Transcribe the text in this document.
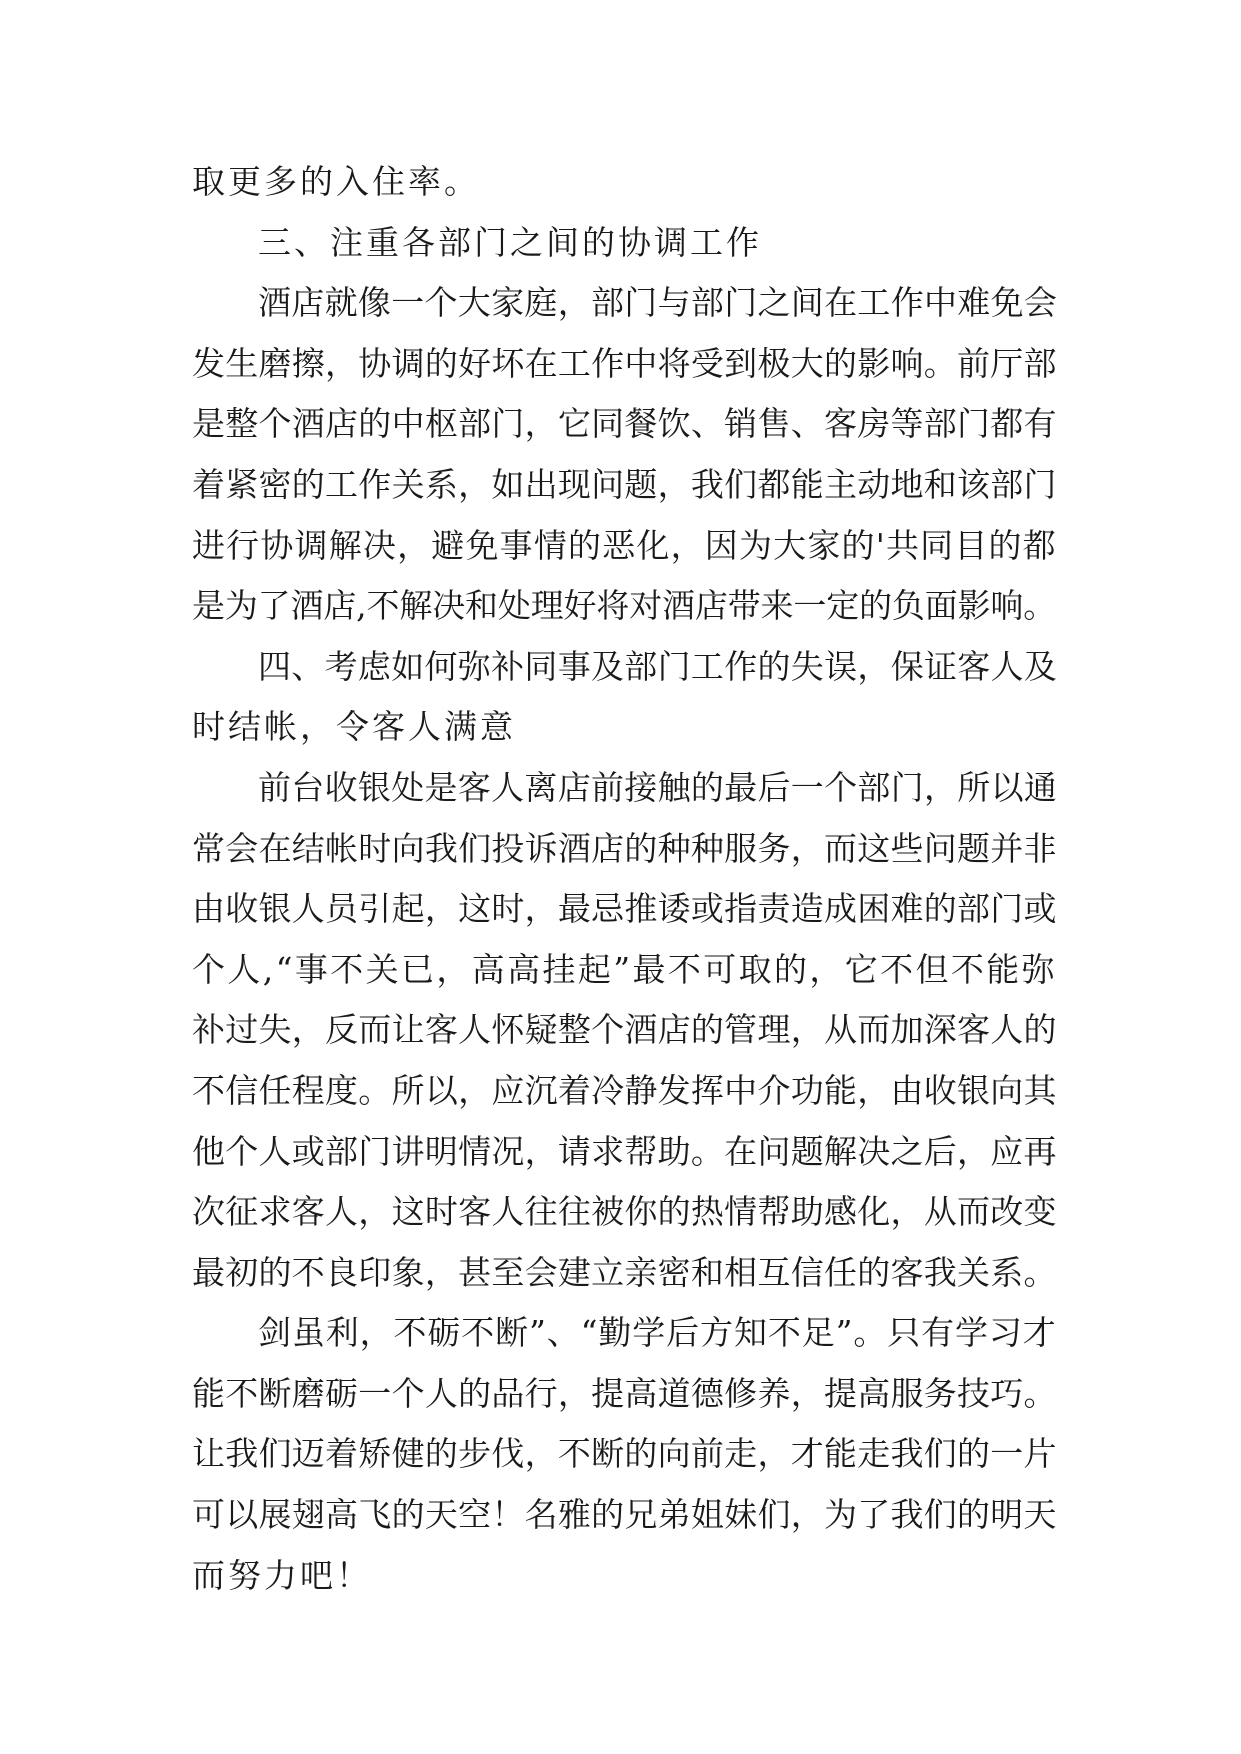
取更多的入住率。
三、注重各部门之间的协调工作
酒店就像一个大家庭，部门与部门之间在工作中难免会
发生磨擦，协调的好坏在工作中将受到极大的影响。前厅部
是整个酒店的中枢部门，它同餐饮、销售、客房等部门都有
着紧密的工作关系，如出现问题，我们都能主动地和该部门
进行协调解决，避免事情的恶化，因为大家的'共同目的都
是为了酒店,不解决和处理好将对酒店带来一定的负面影响。
四、考虑如何弥补同事及部门工作的失误，保证客人及
时结帐，令客人满意
前台收银处是客人离店前接触的最后一个部门，所以通
常会在结帐时向我们投诉酒店的种种服务，而这些问题并非
由收银人员引起，这时，最忌推诿或指责造成困难的部门或
个人,“事不关已，高高挂起”最不可取的，它不但不能弥
补过失，反而让客人怀疑整个酒店的管理，从而加深客人的
不信任程度。所以，应沉着冷静发挥中介功能，由收银向其
他个人或部门讲明情况，请求帮助。在问题解决之后，应再
次征求客人，这时客人往往被你的热情帮助感化，从而改变
最初的不良印象，甚至会建立亲密和相互信任的客我关系。
剑虽利，不砺不断”、“勤学后方知不足”。只有学习才
能不断磨砺一个人的品行，提高道德修养，提高服务技巧。
让我们迈着矫健的步伐，不断的向前走，才能走我们的一片
可以展翅高飞的天空！名雅的兄弟姐妹们，为了我们的明天
而努力吧！
